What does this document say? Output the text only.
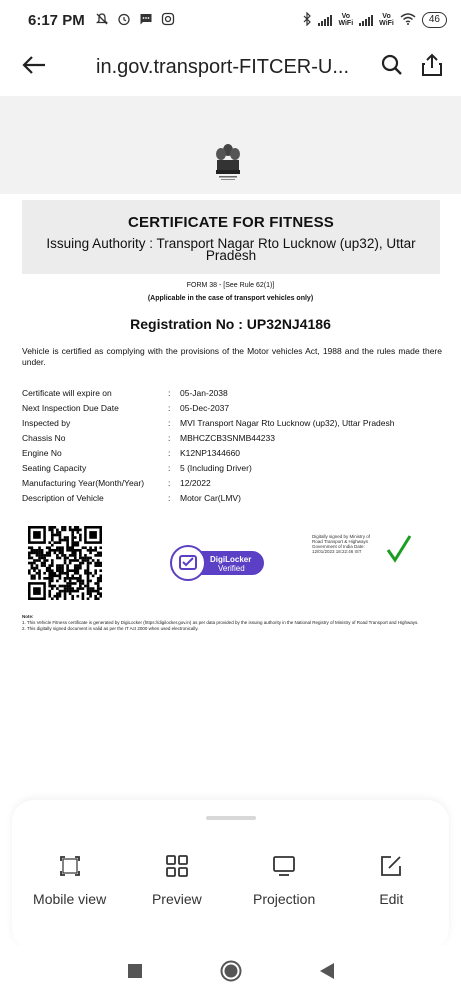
6:17 PM	Vo
WiFi
Vo
WiFi	46
in.gov.transport-FITCER-U...
CERTIFICATE FOR FITNESS
Issuing Authority : Transport Nagar Rto Lucknow (up32), Uttar Pradesh
FORM 38 - [See Rule 62(1)]
(Applicable in the case of transport vehicles only)
Registration No : UP32NJ4186
Vehicle is certified as complying with the provisions of the Motor vehicles Act, 1988 and the rules made there under.
Certificate will expire on	:	05-Jan-2038
Next Inspection Due Date	:	05-Dec-2037
Inspected by	:	MVI Transport Nagar Rto Lucknow (up32), Uttar Pradesh
Chassis No	:	MBHCZCB3SNMB44233
Engine No	:	K12NP1344660
Seating Capacity	:	5 (Including Driver)
Manufacturing Year(Month/Year)	:	12/2022
Description of Vehicle	:	Motor Car(LMV)
DigiLocker
Verified
Digitally signed by Ministry of Road Transport & Highways Government of India Date: 12/01/2023 18:22:46 IST
Note:
1. This Vehicle Fitness certificate is generated by DigiLocker (https://digilocker.gov.in) as per data provided by the issuing authority in the National Registry of Ministry of Road Transport and Highways.
2. This digitally signed document is valid as per the IT Act 2000 when used electronically.
Mobile view	Preview	Projection	Edit
